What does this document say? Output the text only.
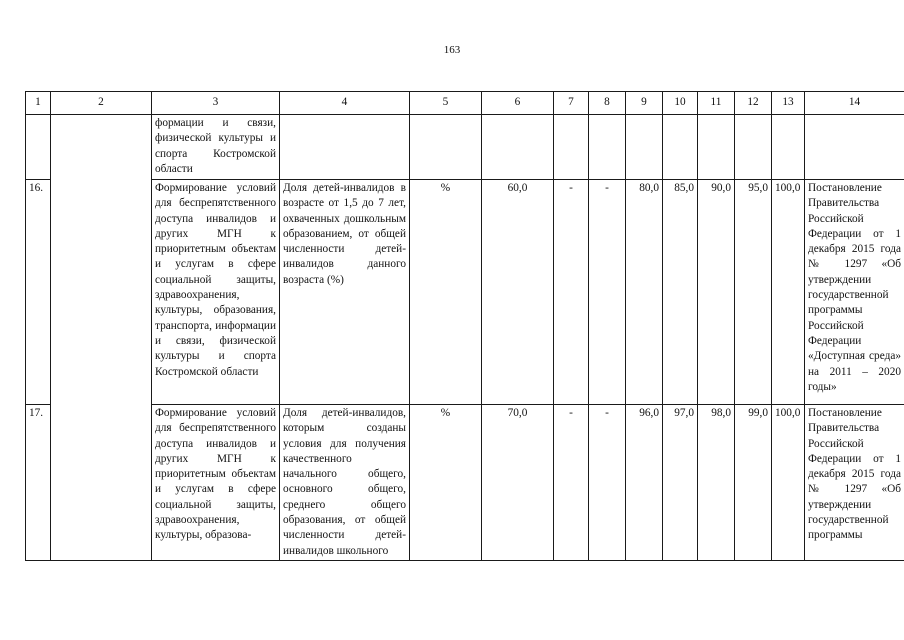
163
1	2	3	4	5	6	7	8	9	10	11	12	13	14
		формации и связи, физической культуры и спорта Костромской области											
16.		Формирование условий для беспрепятственного доступа инвалидов и других МГН к приоритетным объектам и услугам в сфере социальной защиты, здравоохранения, культуры, образования, транспорта, информации и связи, физической культуры и спорта Костромской области	Доля детей-инвалидов в возрасте от 1,5 до 7 лет, охваченных дошкольным образованием, от общей численности детей-инвалидов данного возраста (%)	%	60,0	-	-	80,0	85,0	90,0	95,0	100,0	Постановление Правительства Российской Федерации от 1 декабря 2015 года № 1297 «Об утверждении государственной программы Российской Федерации «Доступная среда» на 2011 – 2020 годы»
17.		Формирование условий для беспрепятственного доступа инвалидов и других МГН к приоритетным объектам и услугам в сфере социальной защиты, здравоохранения, культуры, образова-	Доля детей-инвалидов, которым созданы условия для получения качественного начального общего, основного общего, среднего общего образования, от общей численности детей-инвалидов школьного	%	70,0	-	-	96,0	97,0	98,0	99,0	100,0	Постановление Правительства Российской Федерации от 1 декабря 2015 года № 1297 «Об утверждении государственной программы
